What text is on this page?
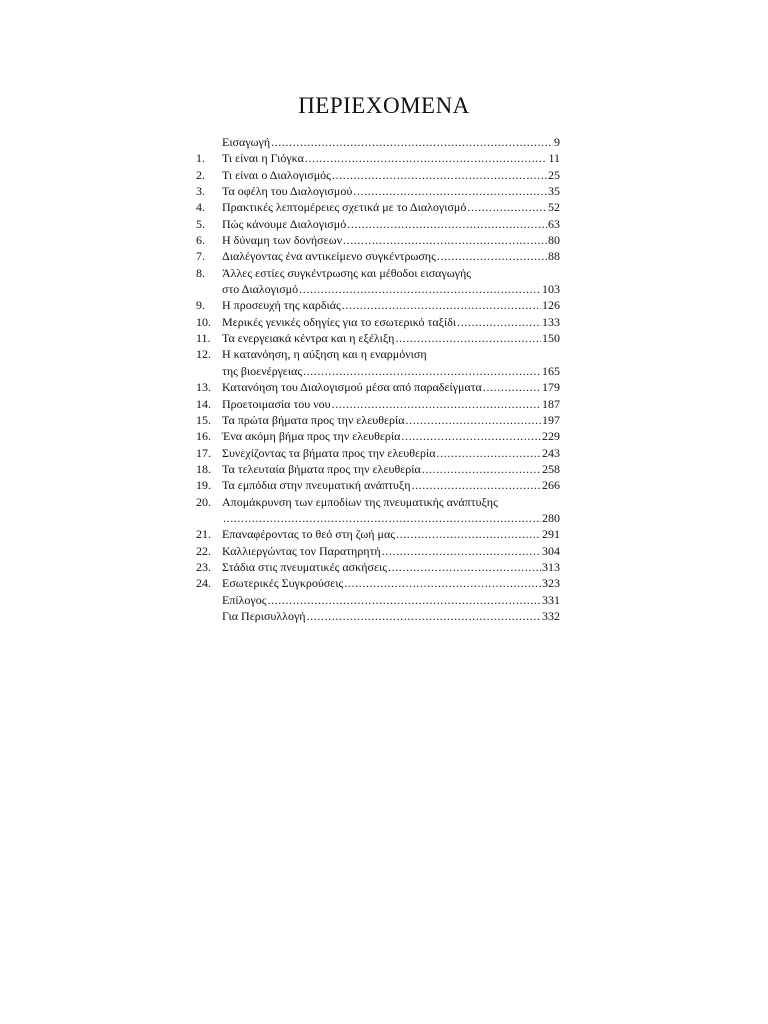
ΠΕΡΙΕΧΟΜΕΝΑ
Εισαγωγή .....	9
1.	Τι είναι η Γιόγκα .....	11
2.	Τι είναι ο Διαλογισμός .....	25
3.	Τα οφέλη του Διαλογισμού .....	35
4.	Πρακτικές λεπτομέρειες σχετικά με το Διαλογισμό .....	52
5.	Πώς κάνουμε Διαλογισμό .....	63
6.	Η δύναμη των δονήσεων .....	80
7.	Διαλέγοντας ένα αντικείμενο συγκέντρωσης .....	88
8.	Άλλες εστίες συγκέντρωσης και μέθοδοι εισαγωγής
στο Διαλογισμό .....	103
9.	Η προσευχή της καρδιάς .....	126
10. Μερικές γενικές οδηγίες για το εσωτερικό ταξίδι .....	133
11. Τα ενεργειακά κέντρα και η εξέλιξη .....	150
12. Η κατανόηση, η αύξηση και η εναρμόνιση
της βιοενέργειας .....	165
13. Κατανόηση του Διαλογισμού μέσα από παραδείγματα .....	179
14. Προετοιμασία του νου .....	187
15. Τα πρώτα βήματα προς την ελευθερία .....	197
16. Ένα ακόμη βήμα προς την ελευθερία .....	229
17. Συνεχίζοντας τα βήματα προς την ελευθερία .....	243
18. Τα τελευταία βήματα προς την ελευθερία .....	258
19. Τα εμπόδια στην πνευματική ανάπτυξη .....	266
20. Απομάκρυνση των εμποδίων της πνευματικής ανάπτυξης
.....
280
21. Επαναφέροντας το θεό στη ζωή μας .....	291
22. Καλλιεργώντας τον Παρατηρητή .....	304
23. Στάδια στις πνευματικές ασκήσεις .....	313
24. Εσωτερικές Συγκρούσεις .....	323
Επίλογος .....	331
Για Περισυλλογή .....	332
